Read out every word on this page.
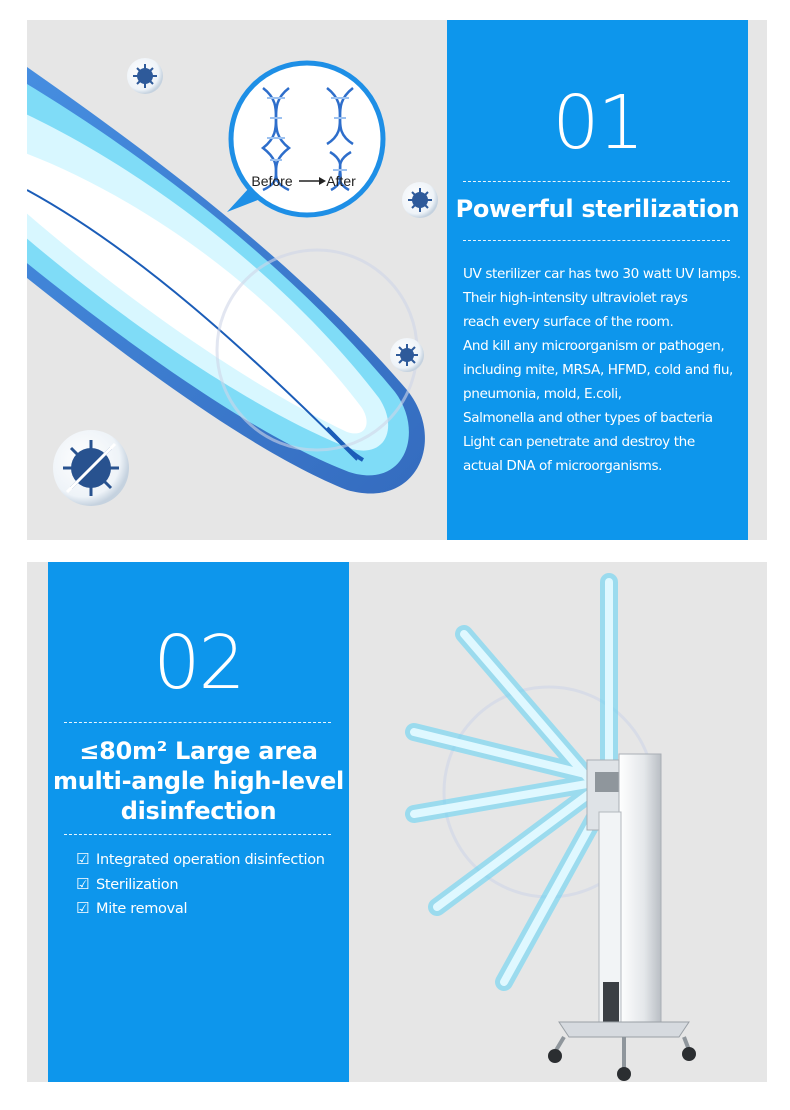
Before After
01
Powerful sterilization
UV sterilizer car has two 30 watt UV lamps.
Their high-intensity ultraviolet rays
reach every surface of the room.
And kill any microorganism or pathogen,
including mite, MRSA, HFMD, cold and flu,
pneumonia, mold, E.coli,
Salmonella and other types of bacteria
Light can penetrate and destroy the
actual DNA of microorganisms.
02
≤80m² Large area
multi-angle high-level
disinfection
☑ Integrated operation disinfection
☑ Sterilization
☑ Mite removal
